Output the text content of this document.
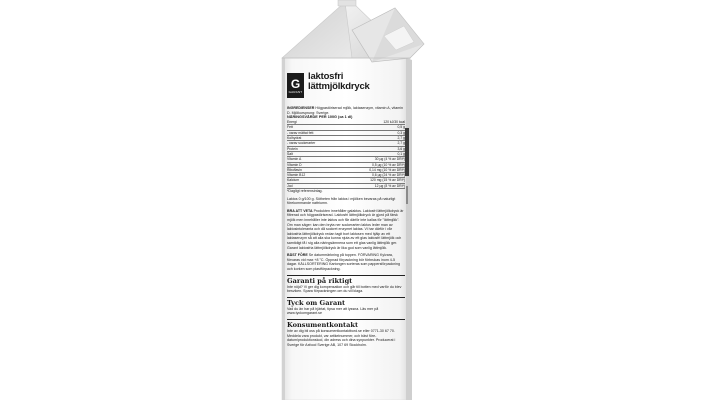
G
GARANT
laktosfri
lättmjölkdryck
INGREDIENSER Högpastöriserad mjölk, laktasenzym, vitamin A, vitamin D. Mjölkursprung: Sverige.
NÄRINGSVÄRDE PER 100G (ca 1 dl)
Energi	120 kJ/30 kcal
Fett	0,5 g
- varav mättat fett	0,3 g
Kolhydrat	2,7 g
- varav sockerarter	2,7 g
Protein	3,6 g
Salt	0,1 g
Vitamin A	30 µg (4 % av DRI*)
Vitamin D	0,5 µg (10 % av DRI*)
Riboflavin	0,14 mg (10 % av DRI*)
Vitamin B12	0,6 µg (24 % av DRI*)
Kalcium	120 mg (15 % av DRI*)
Jod	12 µg (8 % av DRI*)
*Dagligt referensintag.
Laktos 0 g/100 g. Sötheten från laktos i mjölken bevaras på naturligt förekommande nattriumn.
BRA ATT VETA Produkten innehåller galaktos. Laktosfri lättmjölkdryck är filtrerad och högpastöriserad. Laktosfri lättmjölkdryck är gjord på färsk mjölk men innehåller inte laktos och får därför inte kallas för "lättmjölk". Om man säger: kan den bryta ner sockerarten laktos leder man av laktosintoleranta och då sockret enzymet laktas. Vi har därför i vår laktosfria lättmjölkdryck redan tagit bort laktosen med hjälp av ett laktasenzym så att alla ska kunna njuta av ett glas laktosfri lättmjölk och samtidigt få i sig alla näringsämnena som ett glas vanlig lättmjölk ger. Garant laktosfria lättmjölkdryck är lika god som vanlig lättmjölk.
BÄST FÖRE Se datummärkning på toppen. FÖRVARING Kylvara, förvaras vid max +8 °C. Öppnad förpackning bör förbrukas inom 4-5 dagar. KÄLLSORTERING Kartongen sorteras som pappersförpackning och korken som plastförpackning.
Garanti på riktigt
Inte nöjd? Vi ger dig kompensation och går till botten med varför du blev besviken. Spara förpackningen om du vill klaga.
Tyck om Garant
Vad du än har på hjärtat, tipsa mer att lyssna. Läs mer på www.tyckomgarant.se
Konsumentkontakt
Inte av dig bli oss på konsumentkontaktbord.se eller 0771-30 67 70. Meddela vara produkt, var artikelnummer, och bäst före-datum/produktionskod, din adress och dina synpunkter. Producerat i Sverige för Axfood Sverige AB, 107 69 Stockholm.
